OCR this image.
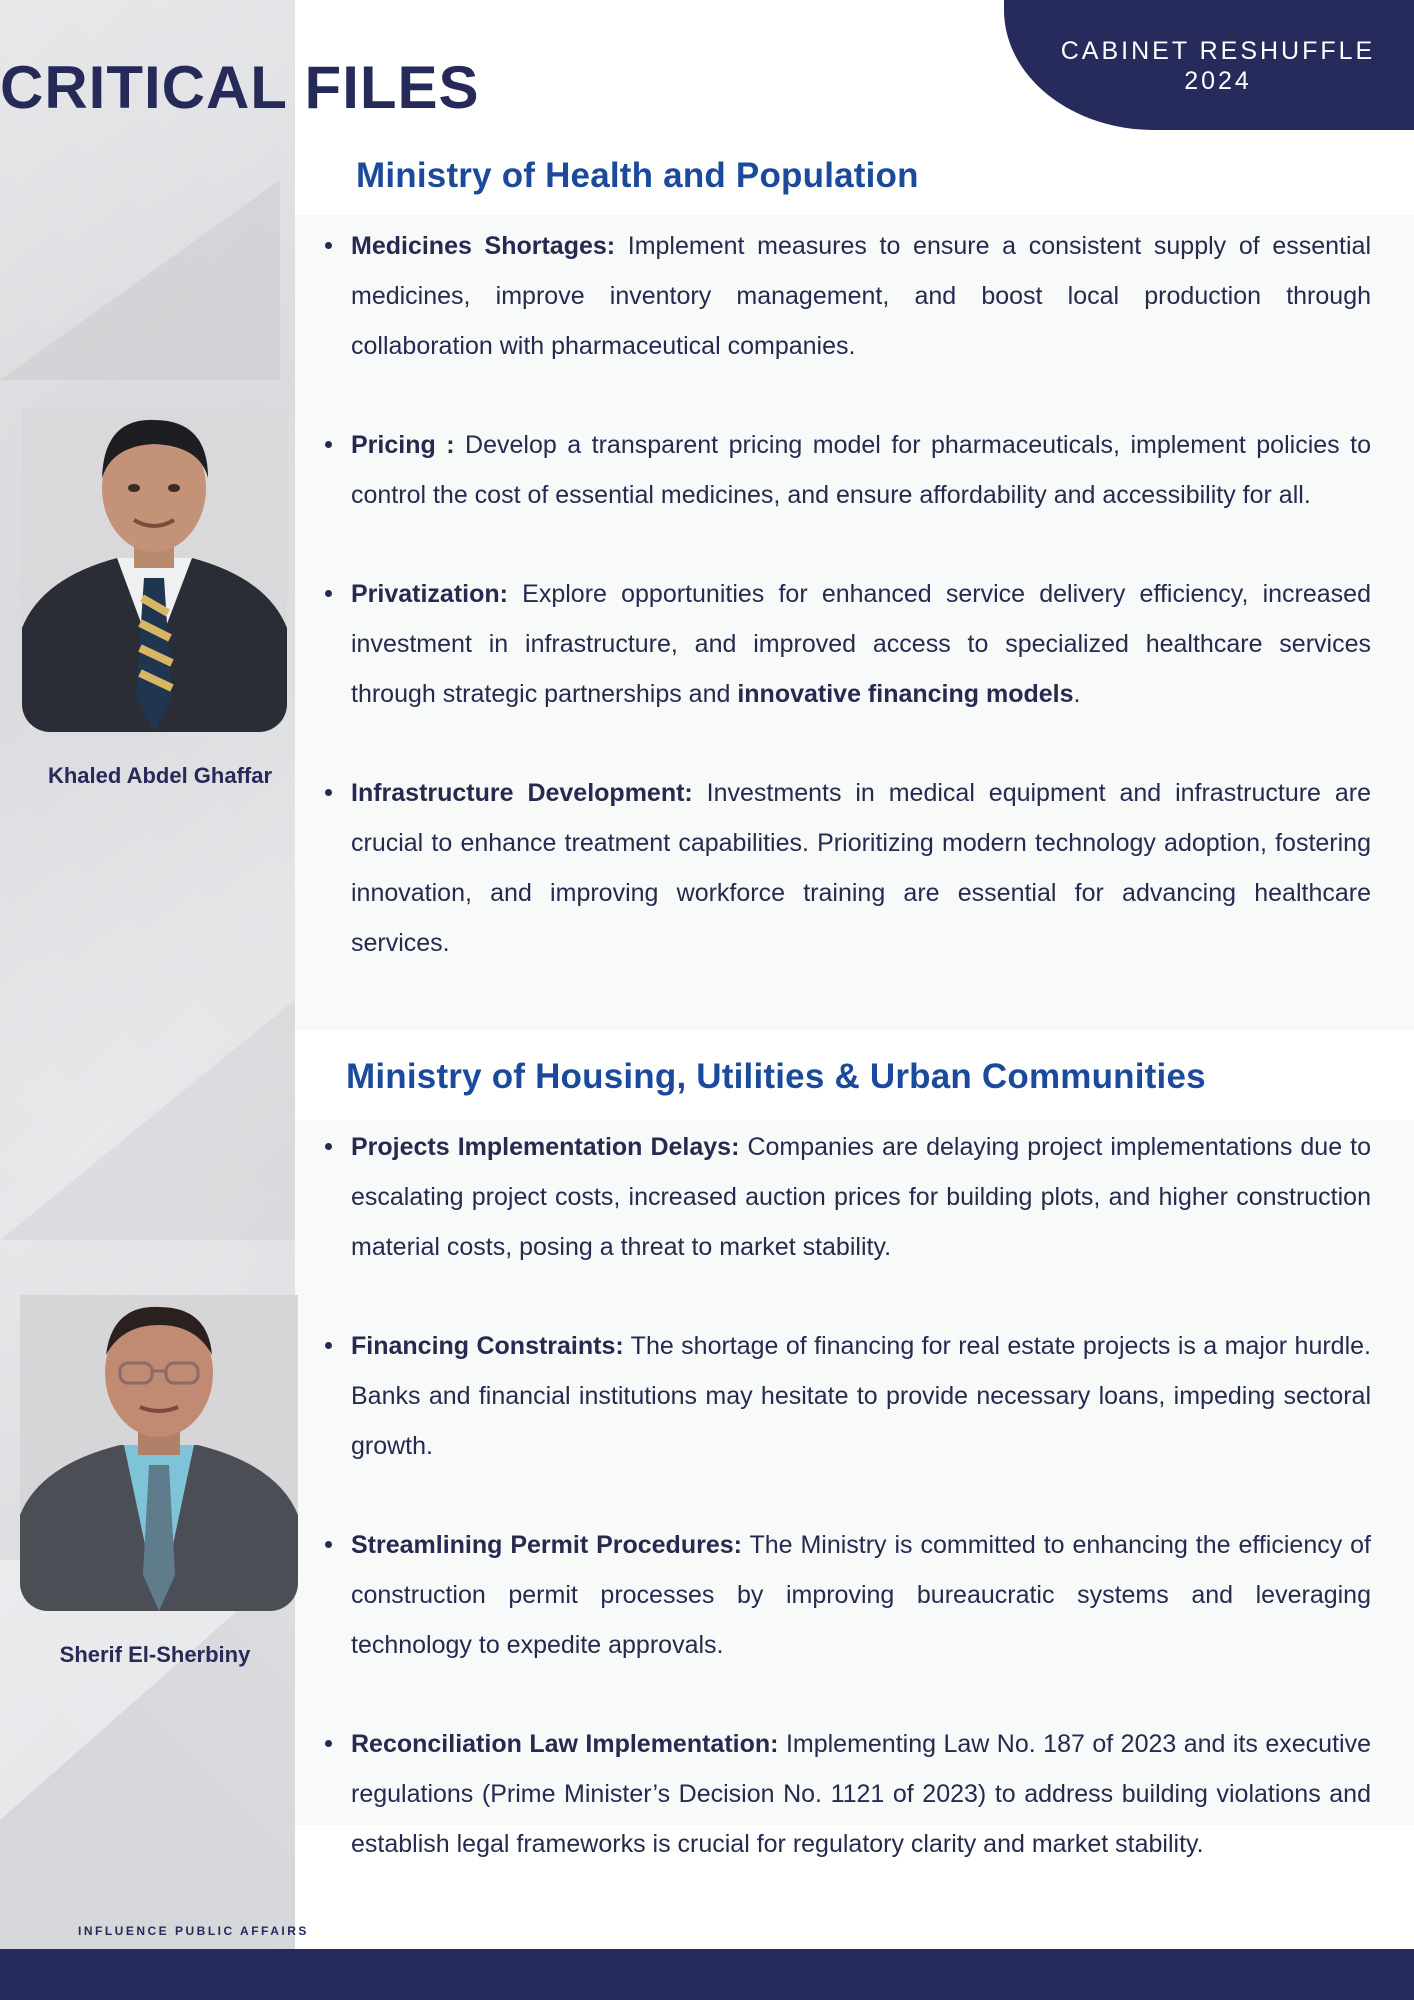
CABINET RESHUFFLE
2024
CRITICAL FILES
Ministry of Health and Population
Medicines Shortages: Implement measures to ensure a consistent supply of essential medicines, improve inventory management, and boost local production through collaboration with pharmaceutical companies.
Pricing : Develop a transparent pricing model for pharmaceuticals, implement policies to control the cost of essential medicines, and ensure affordability and accessibility for all.
Privatization: Explore opportunities for enhanced service delivery efficiency, increased investment in infrastructure, and improved access to specialized healthcare services through strategic partnerships and innovative financing models.
Infrastructure Development: Investments in medical equipment and infrastructure are crucial to enhance treatment capabilities. Prioritizing modern technology adoption, fostering innovation, and improving workforce training are essential for advancing healthcare services.
Ministry of Housing, Utilities & Urban Communities
Projects Implementation Delays: Companies are delaying project implementations due to escalating project costs, increased auction prices for building plots, and higher construction material costs, posing a threat to market stability.
Financing Constraints: The shortage of financing for real estate projects is a major hurdle. Banks and financial institutions may hesitate to provide necessary loans, impeding sectoral growth.
Streamlining Permit Procedures: The Ministry is committed to enhancing the efficiency of construction permit processes by improving bureaucratic systems and leveraging technology to expedite approvals.
Reconciliation Law Implementation: Implementing Law No. 187 of 2023 and its executive regulations (Prime Minister’s Decision No. 1121 of 2023) to address building violations and establish legal frameworks is crucial for regulatory clarity and market stability.

Khaled Abdel Ghaffar

Sherif El-Sherbiny

INFLUENCE PUBLIC AFFAIRS
